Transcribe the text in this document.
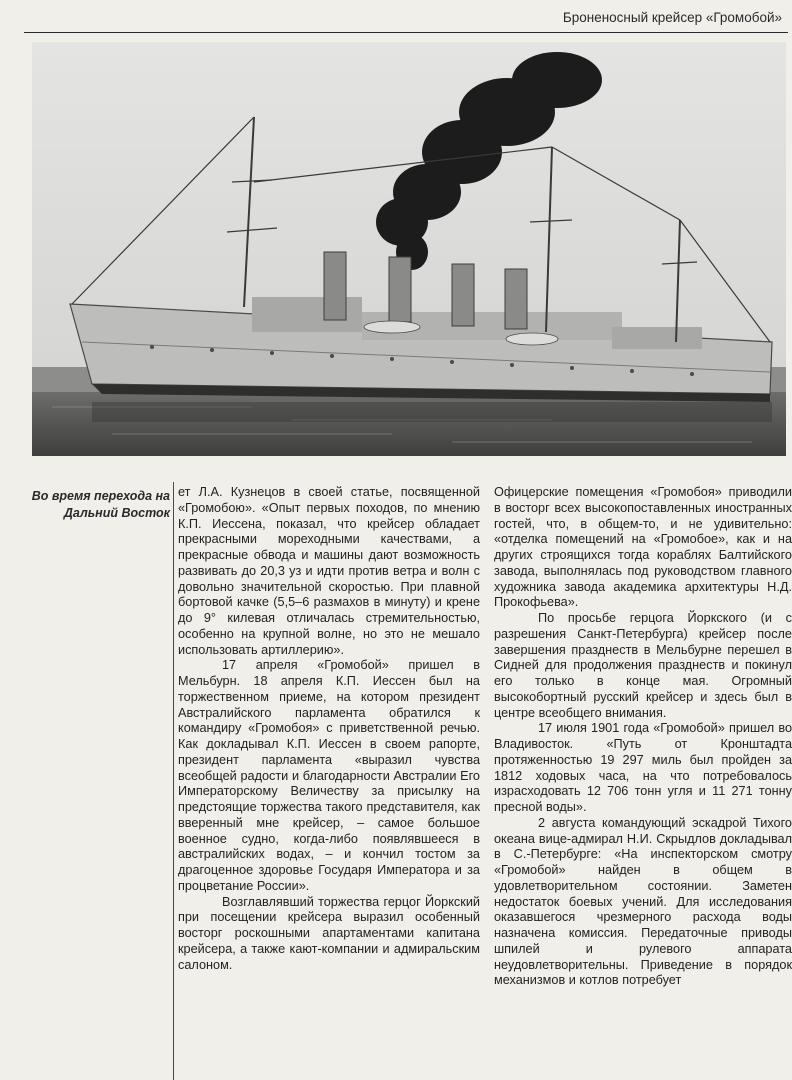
Броненосный крейсер «Громобой»
Во время перехода на Дальний Восток

ет Л.А. Кузнецов в своей статье, посвященной «Громобою». «Опыт первых походов, по мнению К.П. Иессена, показал, что крейсер обладает прекрасными мореходными качествами, а прекрасные обвода и машины дают возможность развивать до 20,3 уз и идти против ветра и волн с довольно значительной скоростью. При плавной бортовой качке (5,5–6 размахов в минуту) и крене до 9° килевая отличалась стремительностью, особенно на крупной волне, но это не мешало использовать артиллерию».

17 апреля «Громобой» пришел в Мельбурн. 18 апреля К.П. Иессен был на торжественном приеме, на котором президент Австралийского парламента обратился к командиру «Громобоя» с приветственной речью. Как докладывал К.П. Иессен в своем рапорте, президент парламента «выразил чувства всеобщей радости и благодарности Австралии Его Императорскому Величеству за присылку на предстоящие торжества такого представителя, как вверенный мне крейсер, – самое большое военное судно, когда-либо появлявшееся в австралийских водах, – и кончил тостом за драгоценное здоровье Государя Императора и за процветание России».

Возглавлявший торжества герцог Йоркский при посещении крейсера выразил особенный восторг роскошными апартаментами капитана крейсера, а также кают-компании и адмиральским салоном.

Офицерские помещения «Громобоя» приводили в восторг всех высокопоставленных иностранных гостей, что, в общем-то, и не удивительно: «отделка помещений на «Громобое», как и на других строящихся тогда кораблях Балтийского завода, выполнялась под руководством главного художника завода академика архитектуры Н.Д. Прокофьева».

По просьбе герцога Йоркского (и с разрешения Санкт-Петербурга) крейсер после завершения празднеств в Мельбурне перешел в Сидней для продолжения празднеств и покинул его только в конце мая. Огромный высокобортный русский крейсер и здесь был в центре всеобщего внимания.

17 июля 1901 года «Громобой» пришел во Владивосток. «Путь от Кронштадта протяженностью 19 297 миль был пройден за 1812 ходовых часа, на что потребовалось израсходовать 12 706 тонн угля и 11 271 тонну пресной воды».

2 августа командующий эскадрой Тихого океана вице-адмирал Н.И. Скрыдлов докладывал в С.-Петербурге: «На инспекторском смотру «Громобой» найден в общем в удовлетворительном состоянии. Заметен недостаток боевых учений. Для исследования оказавшегося чрезмерного расхода воды назначена комиссия. Передаточные приводы шпилей и рулевого аппарата неудовлетворительны. Приведение в порядок механизмов и котлов потребует
